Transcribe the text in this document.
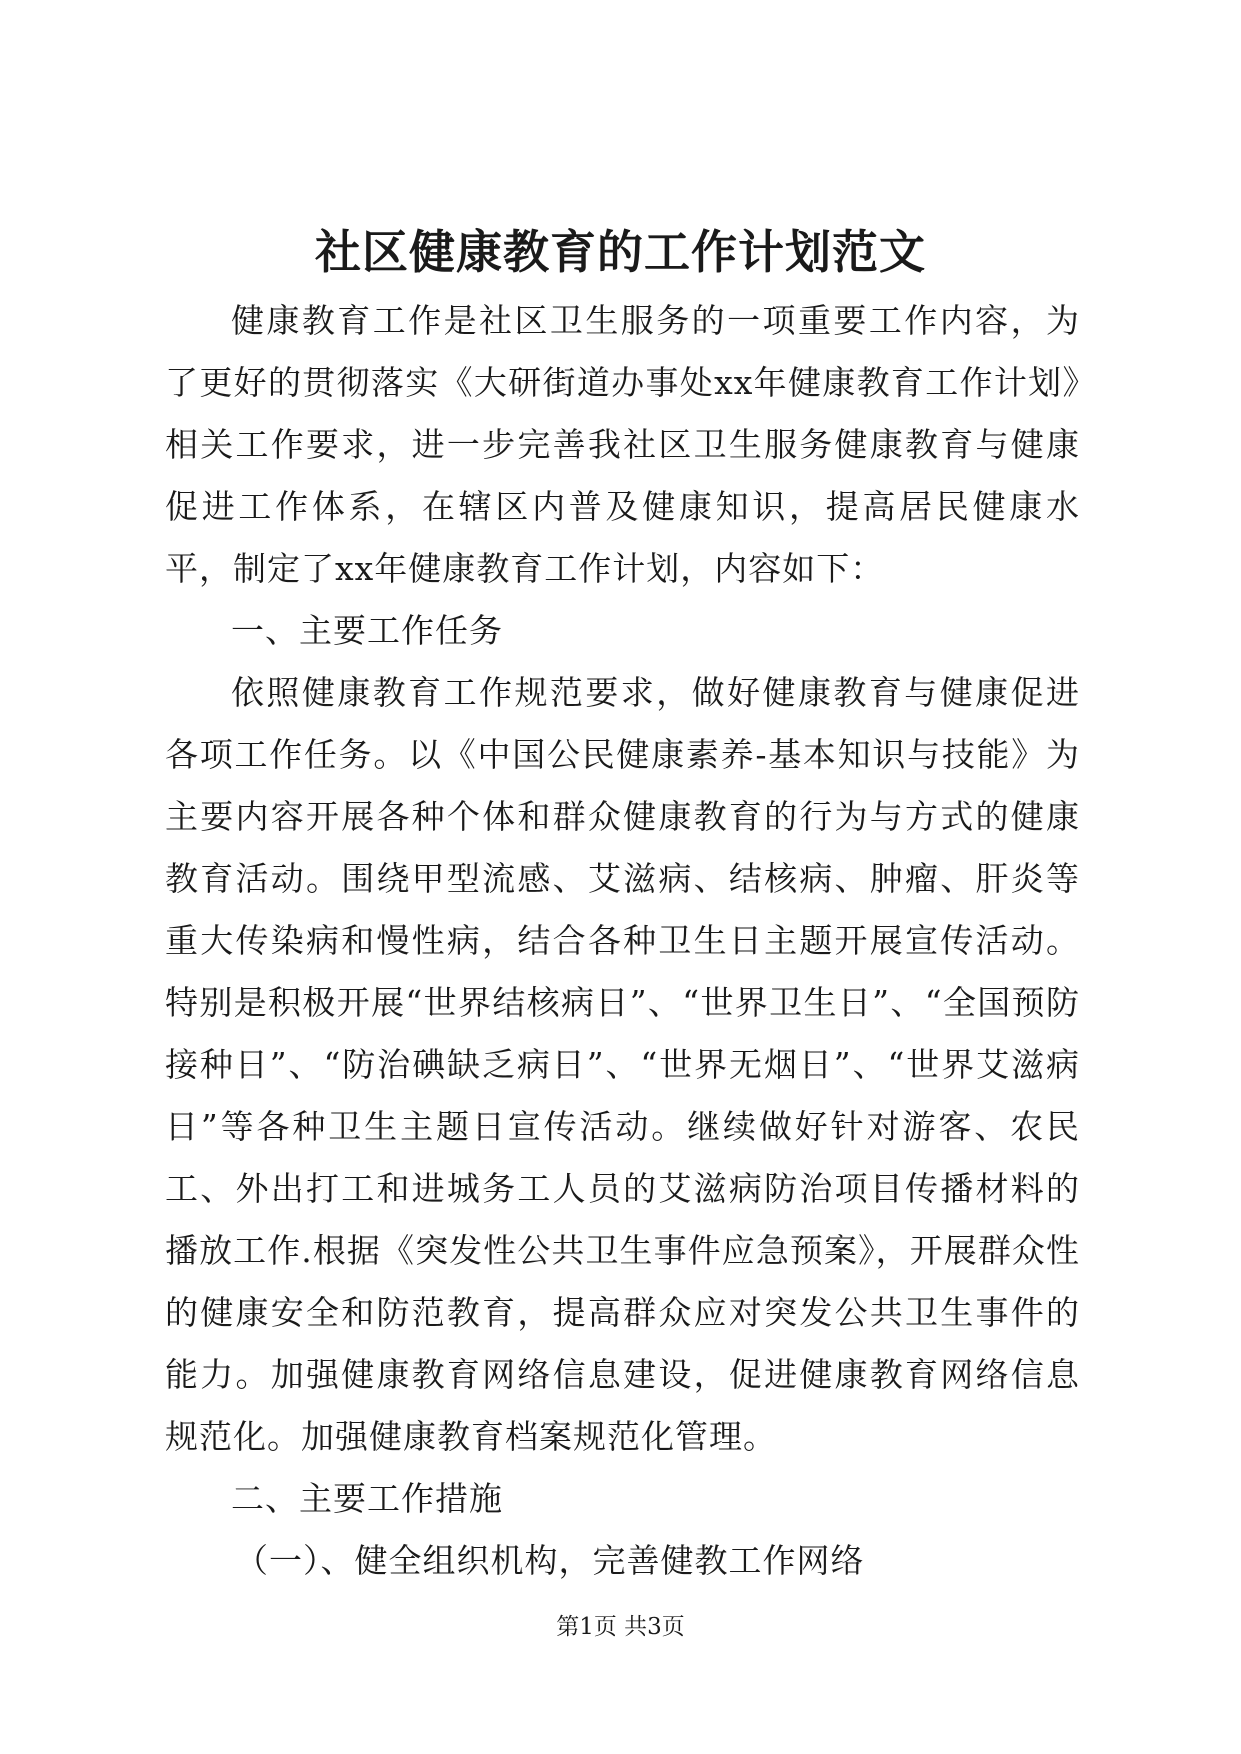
社区健康教育的工作计划范文

健康教育工作是社区卫生服务的一项重要工作内容，为了更好的贯彻落实《大研街道办事处xx年健康教育工作计划》相关工作要求，进一步完善我社区卫生服务健康教育与健康促进工作体系，在辖区内普及健康知识，提高居民健康水平，制定了xx年健康教育工作计划，内容如下：

一、主要工作任务

依照健康教育工作规范要求，做好健康教育与健康促进各项工作任务。以《中国公民健康素养-基本知识与技能》为主要内容开展各种个体和群众健康教育的行为与方式的健康教育活动。围绕甲型流感、艾滋病、结核病、肿瘤、肝炎等重大传染病和慢性病，结合各种卫生日主题开展宣传活动。特别是积极开展“世界结核病日”、“世界卫生日”、“全国预防接种日”、“防治碘缺乏病日”、“世界无烟日”、“世界艾滋病日”等各种卫生主题日宣传活动。继续做好针对游客、农民工、外出打工和进城务工人员的艾滋病防治项目传播材料的播放工作.根据《突发性公共卫生事件应急预案》，开展群众性的健康安全和防范教育，提高群众应对突发公共卫生事件的能力。加强健康教育网络信息建设，促进健康教育网络信息规范化。加强健康教育档案规范化管理。

二、主要工作措施

（一）、健全组织机构，完善健教工作网络

第1页 共3页
